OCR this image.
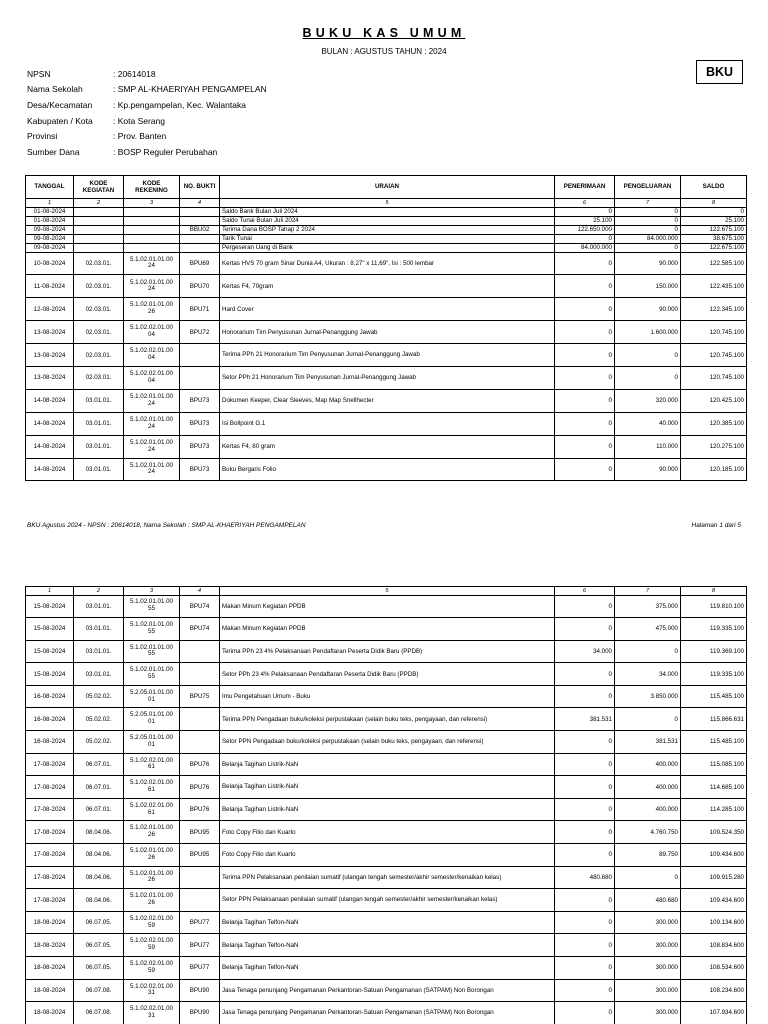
BUKU KAS UMUM
BULAN : AGUSTUS TAHUN : 2024
BKU
NPSN	: 20614018
Nama Sekolah	: SMP AL-KHAERIYAH PENGAMPELAN
Desa/Kecamatan	: Kp.pengampelan, Kec. Walantaka
Kabupaten / Kota	: Kota Serang
Provinsi	: Prov. Banten
Sumber Dana	: BOSP Reguler Perubahan
TANGGAL	KODE KEGIATAN	KODE REKENING	NO. BUKTI	URAIAN	PENERIMAAN	PENGELUARAN	SALDO
1	2	3	4	5	6	7	8
01-08-2024				Saldo Bank Bulan Juli 2024	0	0	0
01-08-2024				Saldo Tunai Bulan Juli 2024	25.100	0	25.100
09-08-2024			BBU02	Terima Dana BOSP Tahap 2 2024	122.650.000	0	122.675.100
09-08-2024				Tarik Tunai	0	84.000.000	38.675.100
09-08-2024				Pergeseran Uang di Bank	84.000.000	0	122.675.100
10-08-2024	02.03.01.	5.1.02.01.01.00 24	BPU69	Kertas HVS 70 gram Sinar Dunia A4, Ukuran : 8,27" x 11,69", Isi : 500 lembar	0	90.000	122.585.100
11-08-2024	02.03.01.	5.1.02.01.01.00 24	BPU70	Kertas F4, 70gram	0	150.000	122.435.100
12-08-2024	02.03.01.	5.1.02.01.01.00 26	BPU71	Hard Cover	0	90.000	122.345.100
13-08-2024	02.03.01.	5.1.02.02.01.00 04	BPU72	Honorarium Tim Penyusunan Jurnal-Penanggung Jawab	0	1.600.000	120.745.100
13-08-2024	02.03.01.	5.1.02.02.01.00 04		Terima PPh 21 Honorarium Tim Penyusunan Jurnal-Penanggung Jawab	0	0	120.745.100
13-08-2024	02.03.01.	5.1.02.02.01.00 04		Setor PPh 21 Honorarium Tim Penyusunan Jurnal-Penanggung Jawab	0	0	120.745.100
14-08-2024	03.01.01.	5.1.02.01.01.00 24	BPU73	Dokumen Keeper, Clear Sleeves, Map Map Snellhecter	0	320.000	120.425.100
14-08-2024	03.01.01.	5.1.02.01.01.00 24	BPU73	Isi Bollpoint G.1	0	40.000	120.385.100
14-08-2024	03.01.01.	5.1.02.01.01.00 24	BPU73	Kertas F4, 80 gram	0	110.000	120.275.100
14-08-2024	03.01.01.	5.1.02.01.01.00 24	BPU73	Buku Bergaris Folio	0	90.000	120.185.100
BKU Agustus 2024 - NPSN : 20614018, Nama Sekolah : SMP AL-KHAERIYAH PENGAMPELAN	Halaman 1 dari 5
1	2	3	4	5	6	7	8
15-08-2024	03.01.01.	5.1.02.01.01.00 55	BPU74	Makan Minum Kegiatan PPDB	0	375.000	119.810.100
15-08-2024	03.01.01.	5.1.02.01.01.00 55	BPU74	Makan Minum Kegiatan PPDB	0	475.000	119.335.100
15-08-2024	03.01.01.	5.1.02.01.01.00 55		Terima PPh 23 4% Pelaksanaan Pendaftaran Peserta Didik Baru (PPDB)	34.000	0	119.369.100
15-08-2024	03.01.01.	5.1.02.01.01.00 55		Setor PPh 23 4% Pelaksanaan Pendaftaran Peserta Didik Baru (PPDB)	0	34.000	119.335.100
16-08-2024	05.02.02.	5.2.05.01.01.00 01	BPU75	Imu Pengetahuan Umum - Buku	0	3.850.000	115.485.100
16-08-2024	05.02.02.	5.2.05.01.01.00 01		Terima PPN Pengadaan buku/koleksi perpustakaan (selain buku teks, pengayaan, dan referensi)	381.531	0	115.866.631
16-08-2024	05.02.02.	5.2.05.01.01.00 01		Setor PPN Pengadaan buku/koleksi perpustakaan (selain buku teks, pengayaan, dan referensi)	0	381.531	115.485.100
17-08-2024	06.07.01.	5.1.02.02.01.00 61	BPU76	Belanja Tagihan Listrik-NaN	0	400.000	115.085.100
17-08-2024	06.07.01.	5.1.02.02.01.00 61	BPU76	Belanja Tagihan Listrik-NaN	0	400.000	114.685.100
17-08-2024	06.07.01.	5.1.02.02.01.00 61	BPU76	Belanja Tagihan Listrik-NaN	0	400.000	114.285.100
17-08-2024	08.04.06.	5.1.02.01.01.00 26	BPU95	Foto Copy Filio dan Kuarto	0	4.760.750	109.524.350
17-08-2024	08.04.06.	5.1.02.01.01.00 26	BPU95	Foto Copy Filio dan Kuarto	0	89.750	109.434.600
17-08-2024	08.04.06.	5.1.02.01.01.00 26		Terima PPN Pelaksanaan penilaian sumatif (ulangan tengah semester/akhir semester/kenaikan kelas)	480.680	0	109.915.280
17-08-2024	08.04.06.	5.1.02.01.01.00 26		Setor PPN Pelaksanaan penilaian sumatif (ulangan tengah semester/akhir semester/kenaikan kelas)	0	480.680	109.434.600
18-08-2024	06.07.05.	5.1.02.02.01.00 59	BPU77	Belanja Tagihan Telfon-NaN	0	300.000	109.134.600
18-08-2024	06.07.05.	5.1.02.02.01.00 59	BPU77	Belanja Tagihan Telfon-NaN	0	300.000	108.834.600
18-08-2024	06.07.05.	5.1.02.02.01.00 59	BPU77	Belanja Tagihan Telfon-NaN	0	300.000	108.534.600
18-08-2024	06.07.08.	5.1.02.02.01.00 31	BPU90	Jasa Tenaga penunjang Pengamanan Perkantoran-Satuan Pengamanan (SATPAM) Non Borongan	0	300.000	108.234.600
18-08-2024	06.07.08.	5.1.02.02.01.00 31	BPU90	Jasa Tenaga penunjang Pengamanan Perkantoran-Satuan Pengamanan (SATPAM) Non Borongan	0	300.000	107.934.600
